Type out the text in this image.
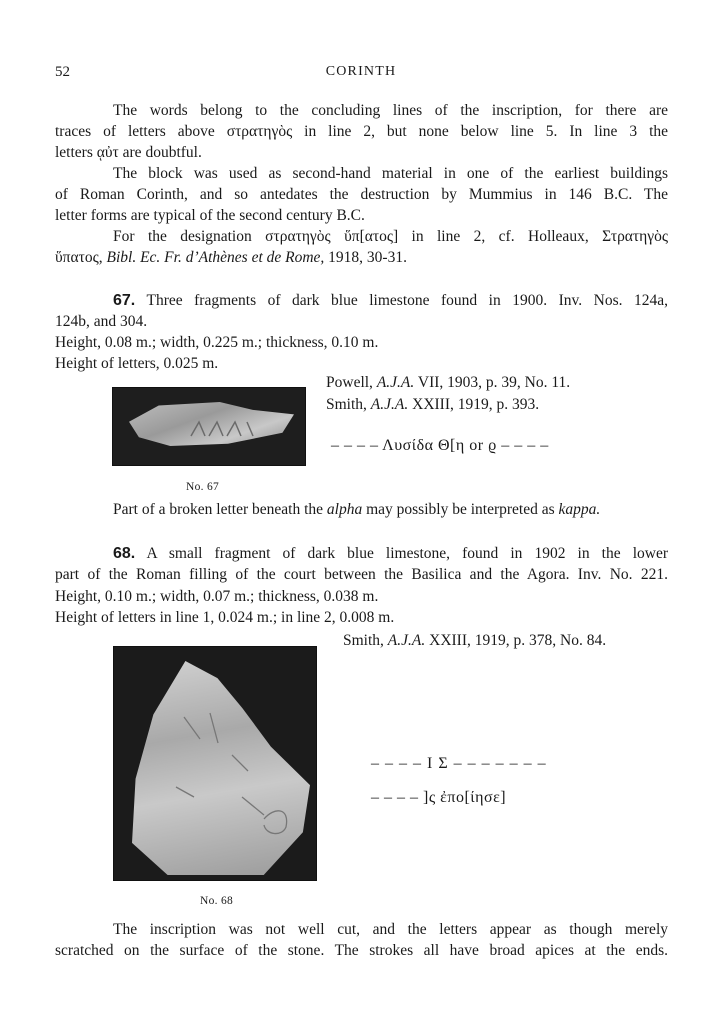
52	CORINTH
The words belong to the concluding lines of the inscription, for there are
traces of letters above στρατηγὸς in line 2, but none below line 5. In line 3 the
letters ᾳὐτ are doubtful.
The block was used as second-hand material in one of the earliest buildings
of Roman Corinth, and so antedates the destruction by Mummius in 146 B.C. The
letter forms are typical of the second century B.C.
For the designation στρατηγὸς ὕπ[ατος] in line 2, cf. Holleaux, Στρατηγὸς
ὕπατος, Bibl. Ec. Fr. d’Athènes et de Rome, 1918, 30-31.
67. Three fragments of dark blue limestone found in 1900. Inv. Nos. 124a,
124b, and 304.
Height, 0.08 m.; width, 0.225 m.; thickness, 0.10 m.
Height of letters, 0.025 m.
Powell, A.J.A. VII, 1903, p. 39, No. 11.
Smith, A.J.A. XXIII, 1919, p. 393.
– – – – Λυσίδα Θ[η or ϱ – – – –
No. 67
Part of a broken letter beneath the alpha may possibly be interpreted as kappa.
68. A small fragment of dark blue limestone, found in 1902 in the lower
part of the Roman filling of the court between the Basilica and the Agora. Inv. No. 221.
Height, 0.10 m.; width, 0.07 m.; thickness, 0.038 m.
Height of letters in line 1, 0.024 m.; in line 2, 0.008 m.
Smith, A.J.A. XXIII, 1919, p. 378, No. 84.
– – – – Ι Σ – – – – – – –
– – – – ]ς ἐπο[ίησε]
No. 68
The inscription was not well cut, and the letters appear as though merely
scratched on the surface of the stone. The strokes all have broad apices at the ends.
